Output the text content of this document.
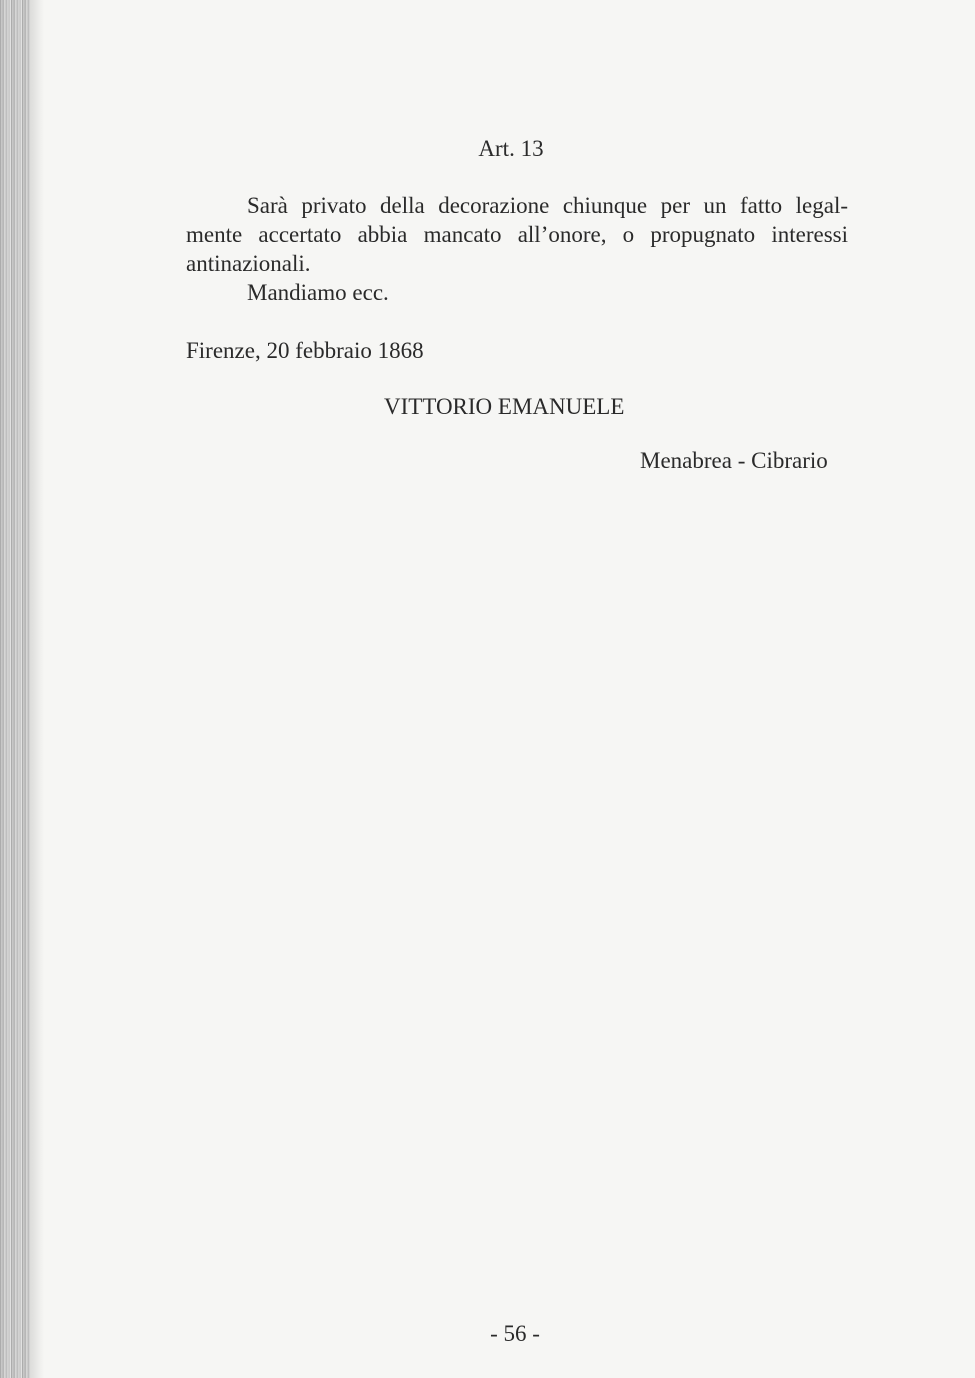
Art. 13

Sarà privato della decorazione chiunque per un fatto legal-
mente accertato abbia mancato all’onore, o propugnato interessi
antinazionali.

Mandiamo ecc.

Firenze, 20 febbraio 1868

VITTORIO EMANUELE

Menabrea - Cibrario

- 56 -
